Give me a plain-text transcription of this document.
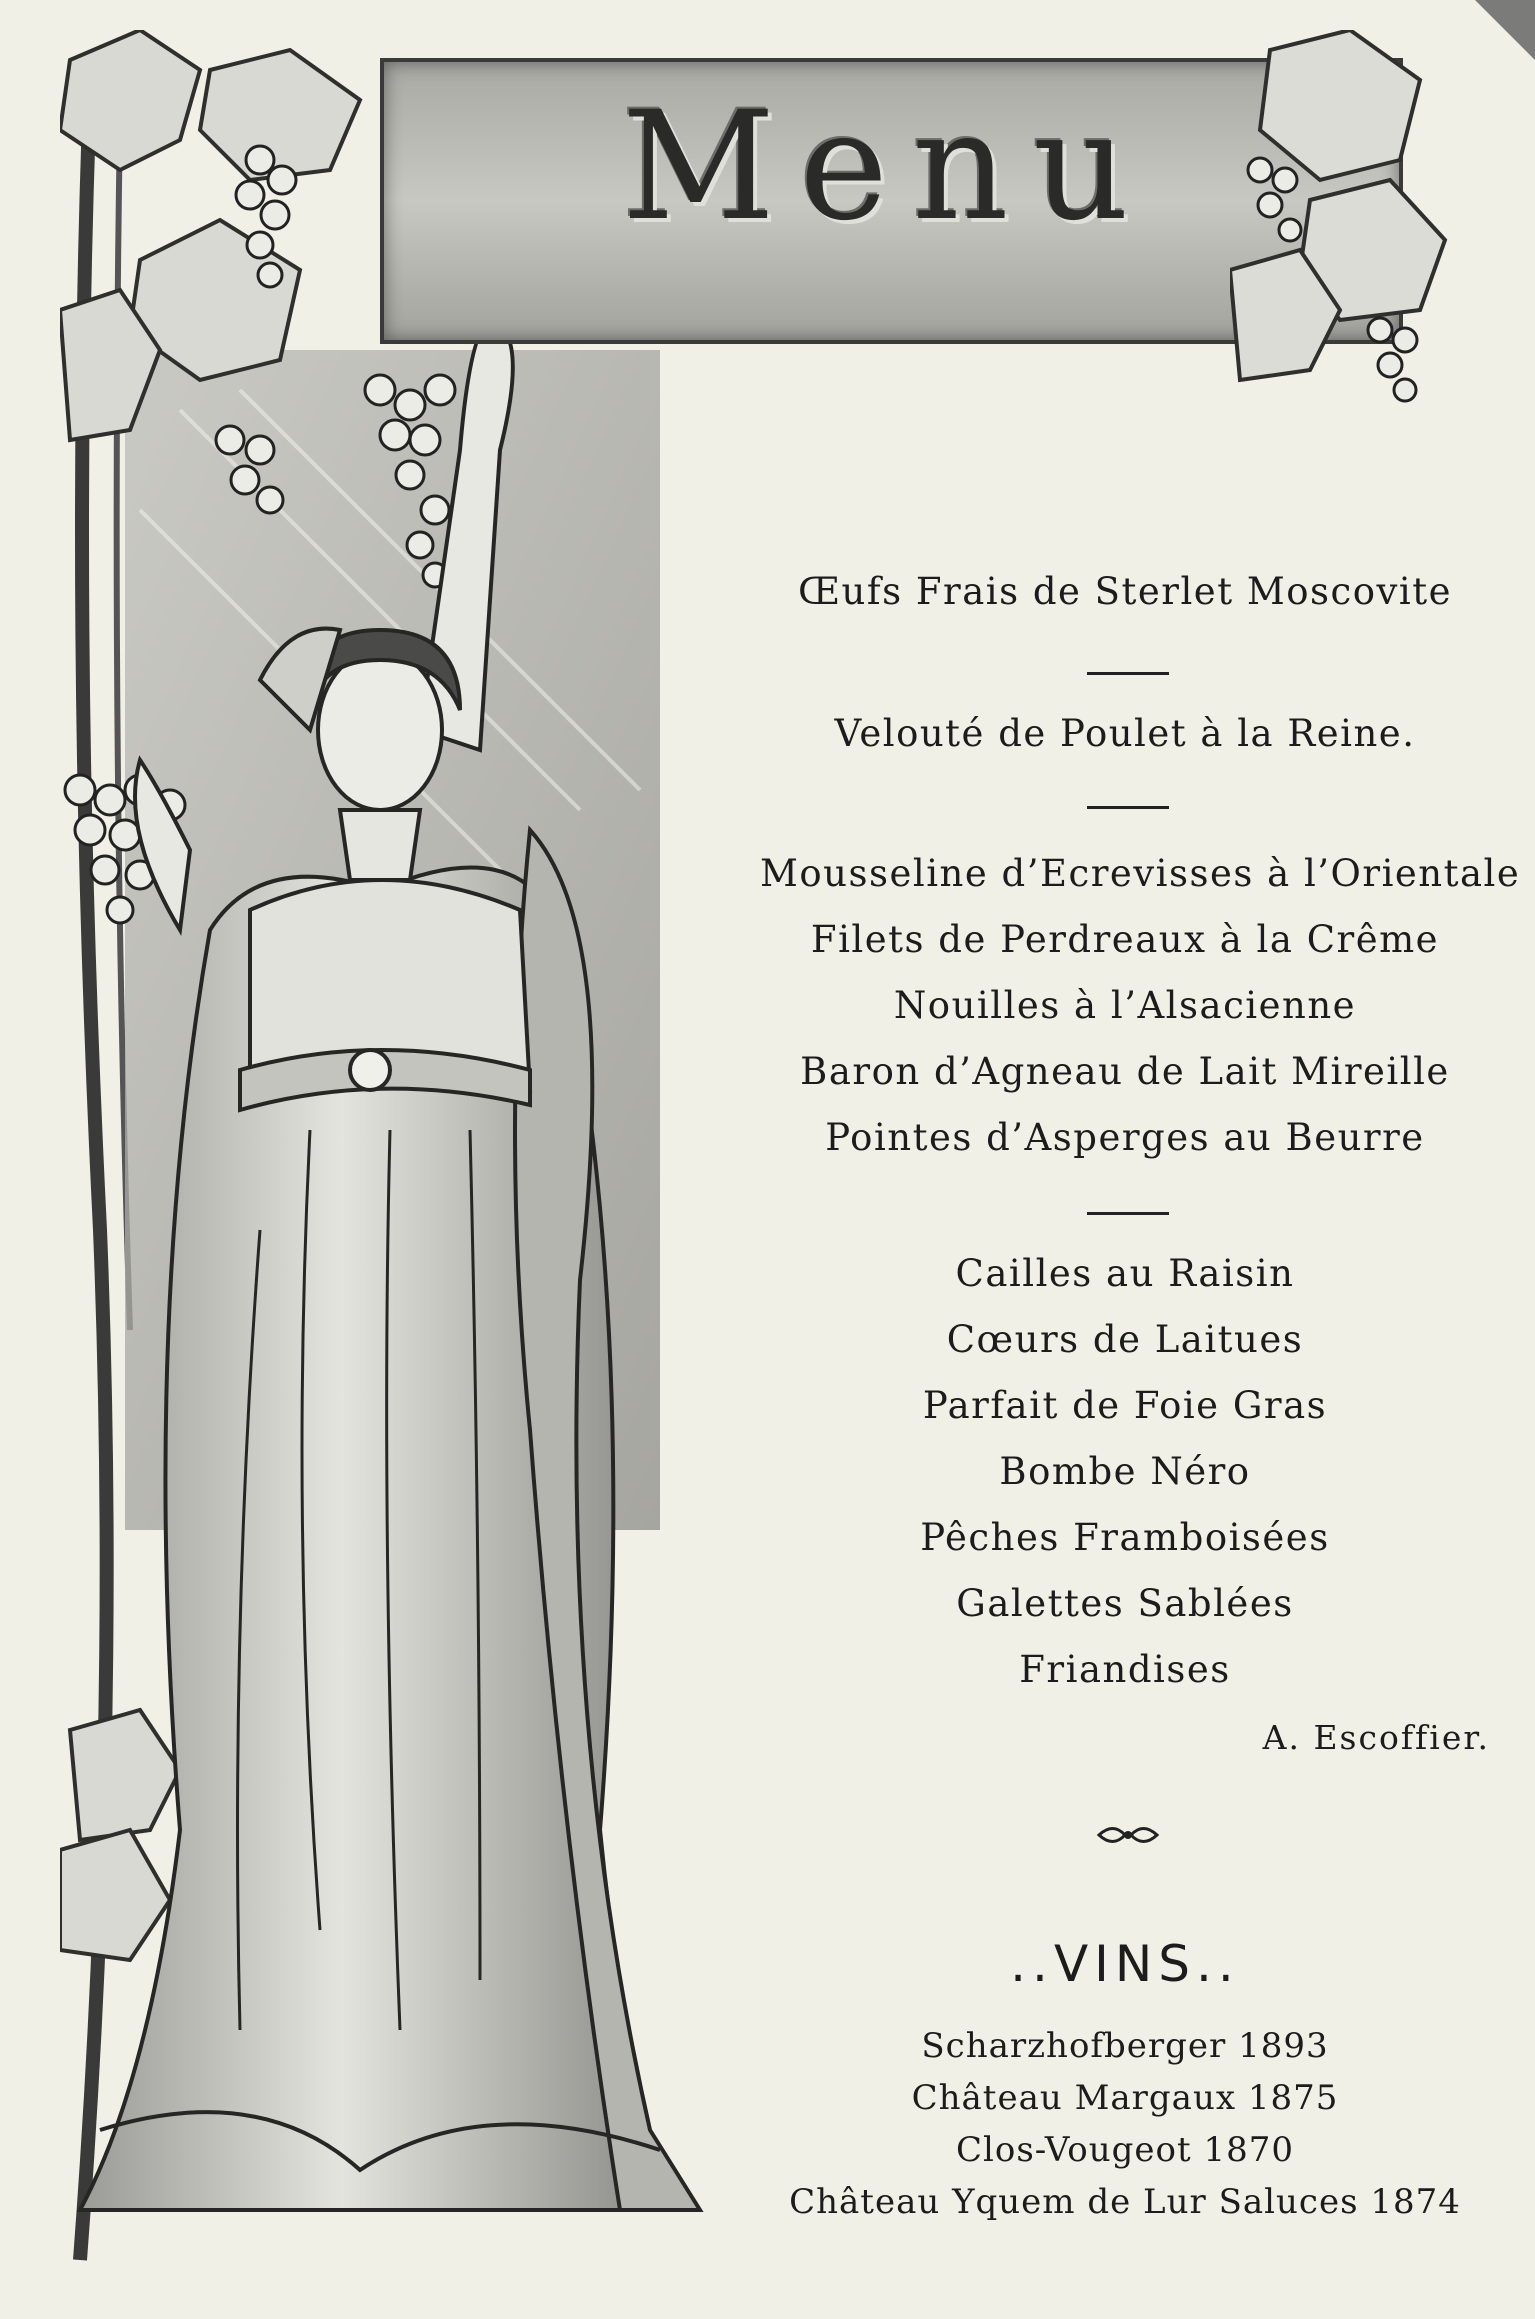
Menu
Œufs Frais de Sterlet Moscovite
Velouté de Poulet à la Reine.
Mousseline d’Ecrevisses à l’Orientale
Filets de Perdreaux à la Crême
Nouilles à l’Alsacienne
Baron d’Agneau de Lait Mireille
Pointes d’Asperges au Beurre
Cailles au Raisin
Cœurs de Laitues
Parfait de Foie Gras
Bombe Néro
Pêches Framboisées
Galettes Sablées
Friandises
A. Escoffier.
..VINS..
Scharzhofberger 1893
Château Margaux 1875
Clos-Vougeot 1870
Château Yquem de Lur Saluces 1874
